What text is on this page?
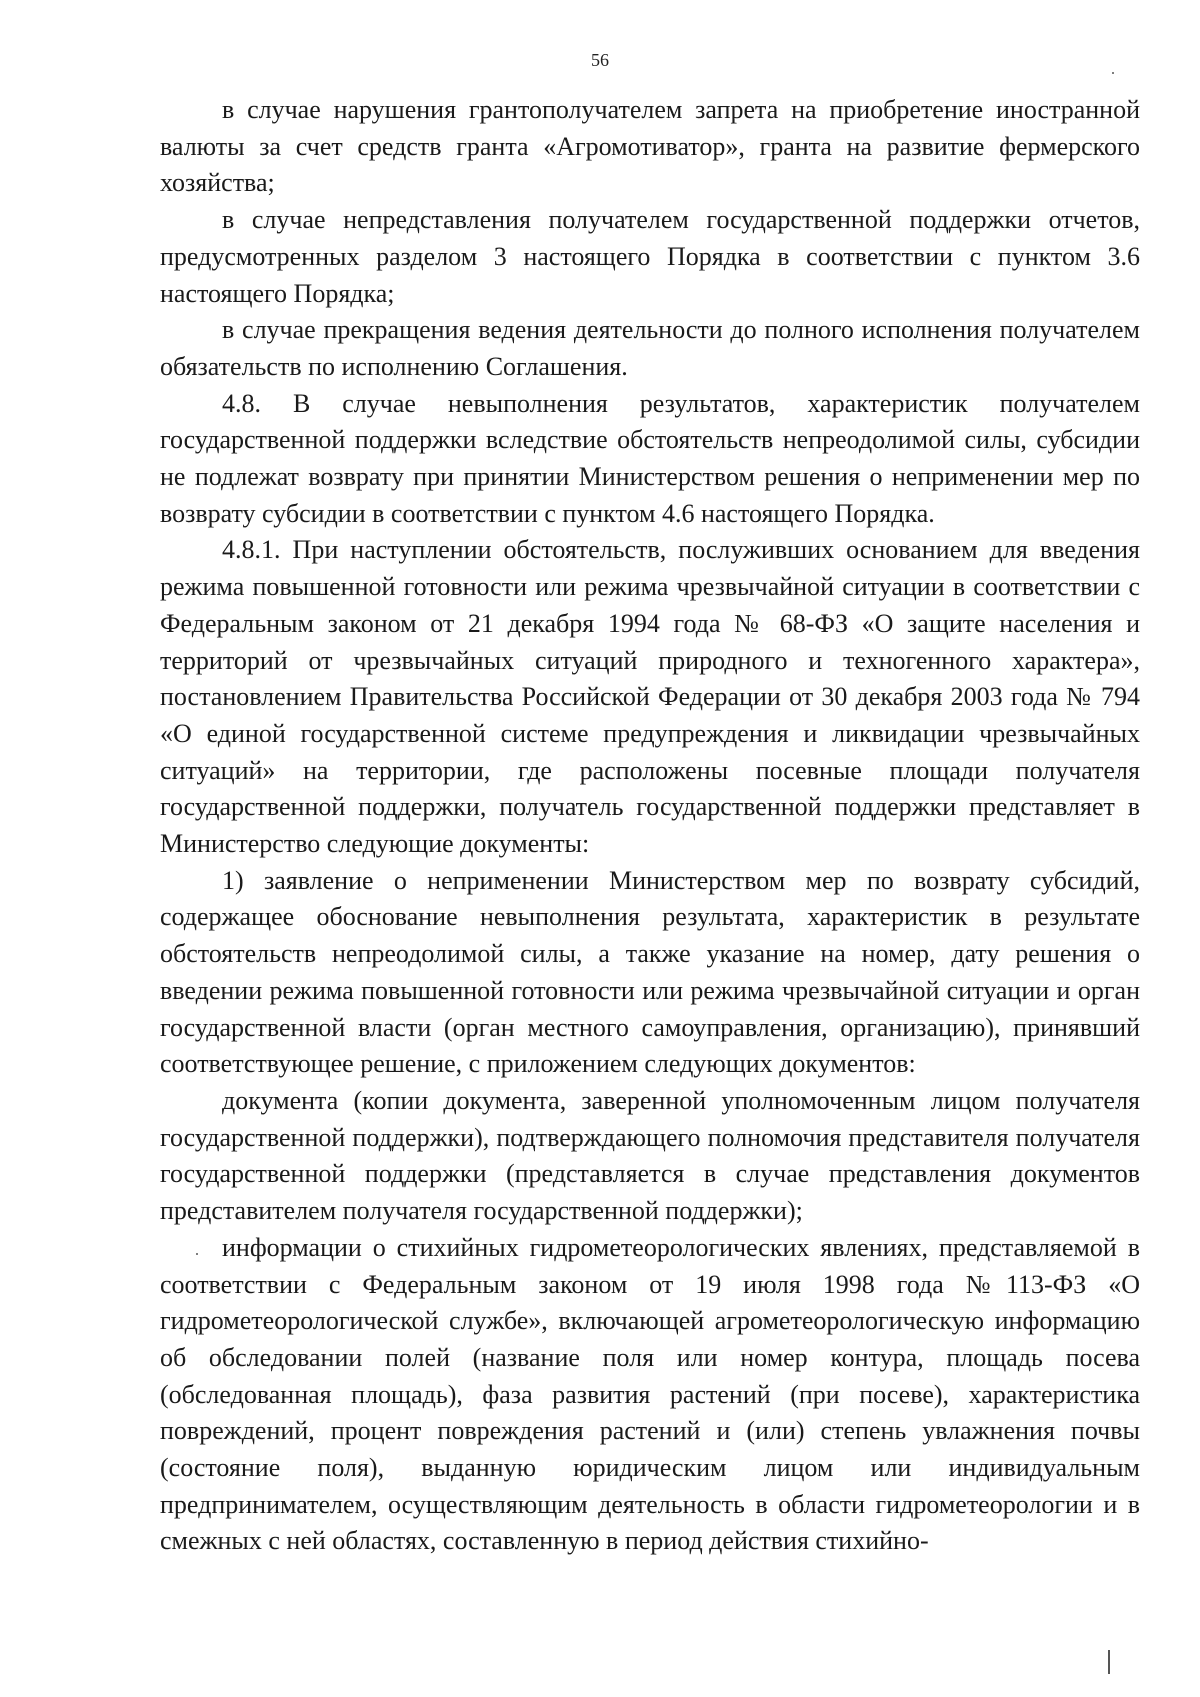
56

в случае нарушения грантополучателем запрета на приобретение иностранной валюты за счет средств гранта «Агромотиватор», гранта на развитие фермерского хозяйства;

в случае непредставления получателем государственной поддержки отчетов, предусмотренных разделом 3 настоящего Порядка в соответствии с пунктом 3.6 настоящего Порядка;

в случае прекращения ведения деятельности до полного исполнения получателем обязательств по исполнению Соглашения.

4.8. В случае невыполнения результатов, характеристик получателем государственной поддержки вследствие обстоятельств непреодолимой силы, субсидии не подлежат возврату при принятии Министерством решения о неприменении мер по возврату субсидии в соответствии с пунктом 4.6 настоящего Порядка.

4.8.1. При наступлении обстоятельств, послуживших основанием для введения режима повышенной готовности или режима чрезвычайной ситуации в соответствии с Федеральным законом от 21 декабря 1994 года № 68-ФЗ «О защите населения и территорий от чрезвычайных ситуаций природного и техногенного характера», постановлением Правительства Российской Федерации от 30 декабря 2003 года № 794 «О единой государственной системе предупреждения и ликвидации чрезвычайных ситуаций» на территории, где расположены посевные площади получателя государственной поддержки, получатель государственной поддержки представляет в Министерство следующие документы:

1) заявление о неприменении Министерством мер по возврату субсидий, содержащее обоснование невыполнения результата, характеристик в результате обстоятельств непреодолимой силы, а также указание на номер, дату решения о введении режима повышенной готовности или режима чрезвычайной ситуации и орган государственной власти (орган местного самоуправления, организацию), принявший соответствующее решение, с приложением следующих документов:

документа (копии документа, заверенной уполномоченным лицом получателя государственной поддержки), подтверждающего полномочия представителя получателя государственной поддержки (представляется в случае представления документов представителем получателя государственной поддержки);

информации о стихийных гидрометеорологических явлениях, представляемой в соответствии с Федеральным законом от 19 июля 1998 года №113-ФЗ «О гидрометеорологической службе», включающей агрометеорологическую информацию об обследовании полей (название поля или номер контура, площадь посева (обследованная площадь), фаза развития растений (при посеве), характеристика повреждений, процент повреждения растений и (или) степень увлажнения почвы (состояние поля), выданную юридическим лицом или индивидуальным предпринимателем, осуществляющим деятельность в области гидрометеорологии и в смежных с ней областях, составленную в период действия стихийно-
